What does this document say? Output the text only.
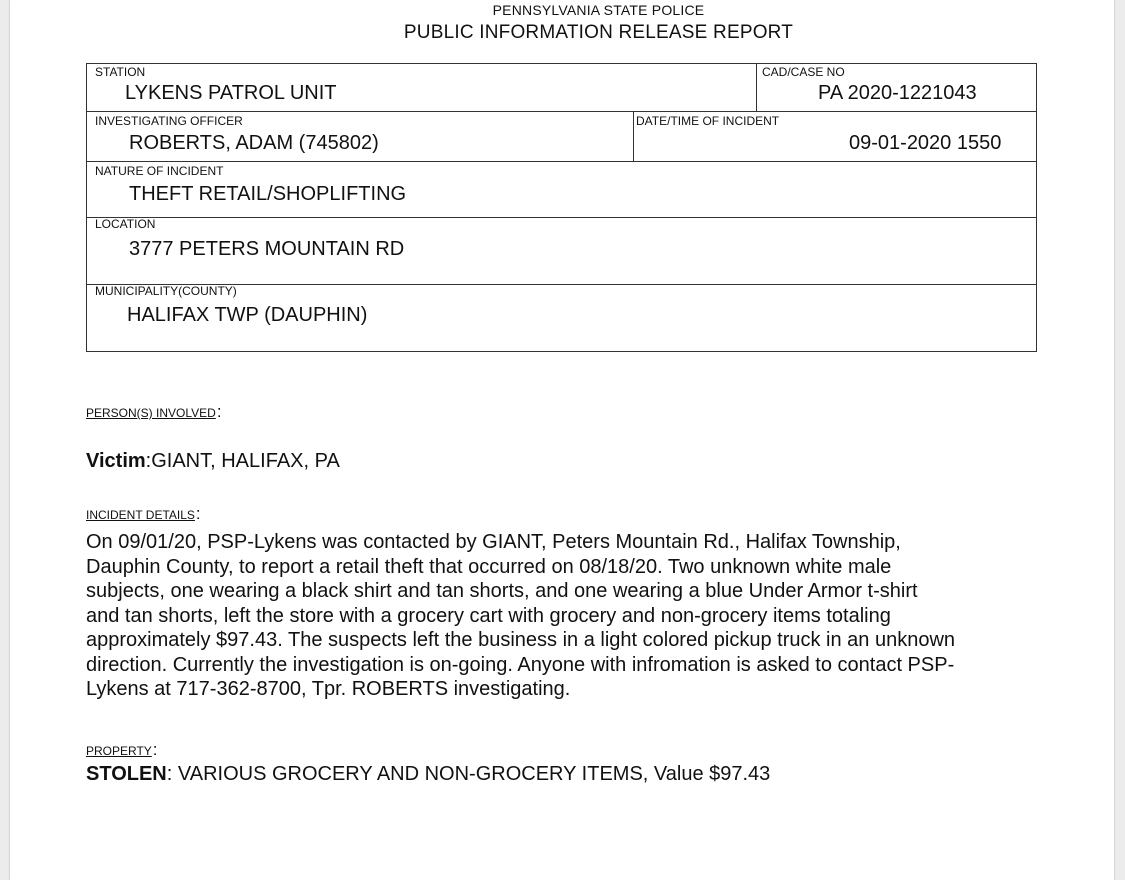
PENNSYLVANIA STATE POLICE
PUBLIC INFORMATION RELEASE REPORT
STATION
LYKENS PATROL UNIT
CAD/CASE NO
PA 2020-1221043
INVESTIGATING OFFICER
ROBERTS, ADAM (745802)
DATE/TIME OF INCIDENT
09-01-2020 1550
NATURE OF INCIDENT
THEFT RETAIL/SHOPLIFTING
LOCATION
3777 PETERS MOUNTAIN RD
MUNICIPALITY(COUNTY)
HALIFAX TWP (DAUPHIN)
PERSON(S) INVOLVED:
Victim:GIANT, HALIFAX, PA
INCIDENT DETAILS:

On 09/01/20, PSP-Lykens was contacted by GIANT, Peters Mountain Rd., Halifax Township,

Dauphin County, to report a retail theft that occurred on 08/18/20. Two unknown white male

subjects, one wearing a black shirt and tan shorts, and one wearing a blue Under Armor t-shirt

and tan shorts, left the store with a grocery cart with grocery and non-grocery items totaling

approximately $97.43. The suspects left the business in a light colored pickup truck in an unknown

direction. Currently the investigation is on-going. Anyone with infromation is asked to contact PSP-

Lykens at 717-362-8700, Tpr. ROBERTS investigating.

PROPERTY:
STOLEN: VARIOUS GROCERY AND NON-GROCERY ITEMS, Value $97.43
